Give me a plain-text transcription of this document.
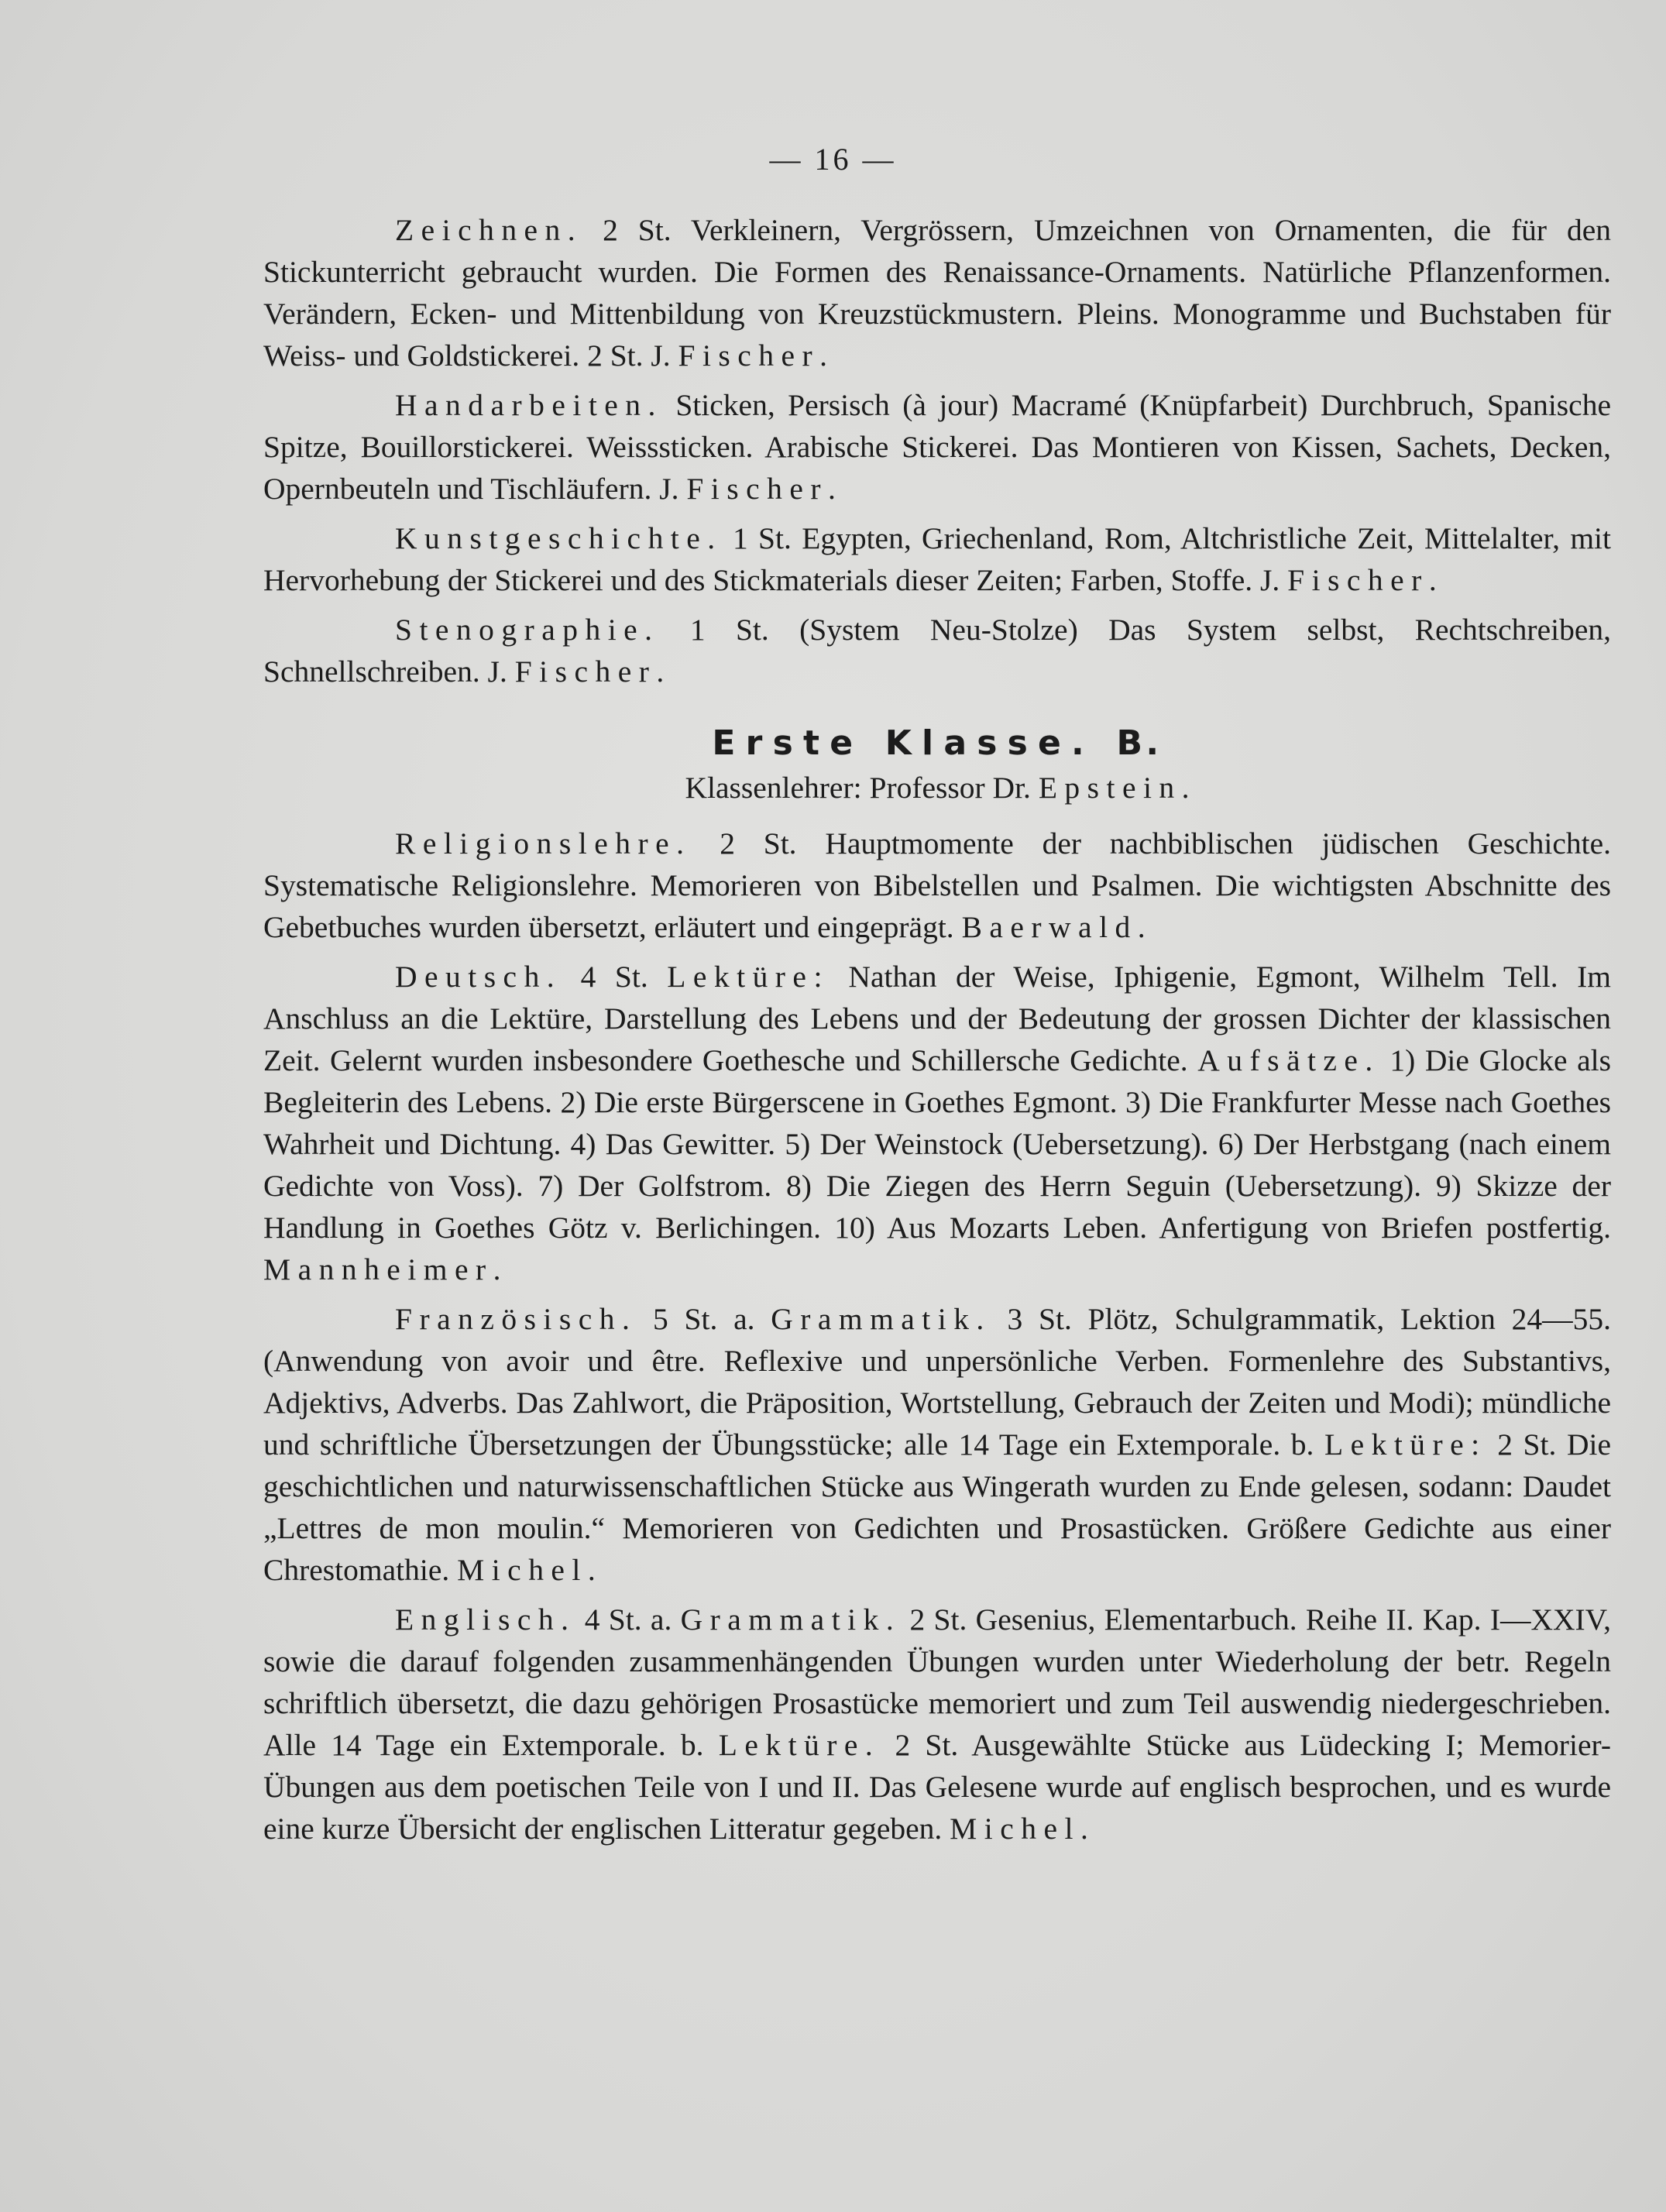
— 16 —

Zeichnen. 2 St. Verkleinern, Vergrössern, Umzeichnen von Ornamenten, die für den Stickunterricht gebraucht wurden. Die Formen des Renaissance-Ornaments. Natürliche Pflanzenformen. Verändern, Ecken- und Mittenbildung von Kreuzstückmustern. Pleins. Monogramme und Buchstaben für Weiss- und Goldstickerei. 2 St. J. Fischer.

Handarbeiten. Sticken, Persisch (à jour) Macramé (Knüpfarbeit) Durchbruch, Spanische Spitze, Bouillorstickerei. Weisssticken. Arabische Stickerei. Das Montieren von Kissen, Sachets, Decken, Opernbeuteln und Tischläufern. J. Fischer.

Kunstgeschichte. 1 St. Egypten, Griechenland, Rom, Altchristliche Zeit, Mittelalter, mit Hervorhebung der Stickerei und des Stickmaterials dieser Zeiten; Farben, Stoffe. J. Fischer.

Stenographie. 1 St. (System Neu-Stolze) Das System selbst, Rechtschreiben, Schnellschreiben. J. Fischer.

Erste Klasse. B.
Klassenlehrer: Professor Dr. Epstein.

Religionslehre. 2 St. Hauptmomente der nachbiblischen jüdischen Geschichte. Systematische Religionslehre. Memorieren von Bibelstellen und Psalmen. Die wichtigsten Abschnitte des Gebetbuches wurden übersetzt, erläutert und eingeprägt. Baerwald.

Deutsch. 4 St. Lektüre: Nathan der Weise, Iphigenie, Egmont, Wilhelm Tell. Im Anschluss an die Lektüre, Darstellung des Lebens und der Bedeutung der grossen Dichter der klassischen Zeit. Gelernt wurden insbesondere Goethesche und Schillersche Gedichte. Aufsätze. 1) Die Glocke als Begleiterin des Lebens. 2) Die erste Bürgerscene in Goethes Egmont. 3) Die Frankfurter Messe nach Goethes Wahrheit und Dichtung. 4) Das Gewitter. 5) Der Weinstock (Uebersetzung). 6) Der Herbstgang (nach einem Gedichte von Voss). 7) Der Golfstrom. 8) Die Ziegen des Herrn Seguin (Uebersetzung). 9) Skizze der Handlung in Goethes Götz v. Berlichingen. 10) Aus Mozarts Leben. Anfertigung von Briefen postfertig. Mannheimer.

Französisch. 5 St. a. Grammatik. 3 St. Plötz, Schulgrammatik, Lektion 24—55. (Anwendung von avoir und être. Reflexive und unpersönliche Verben. Formenlehre des Substantivs, Adjektivs, Adverbs. Das Zahlwort, die Präposition, Wortstellung, Gebrauch der Zeiten und Modi); mündliche und schriftliche Übersetzungen der Übungsstücke; alle 14 Tage ein Extemporale. b. Lektüre: 2 St. Die geschichtlichen und naturwissenschaftlichen Stücke aus Wingerath wurden zu Ende gelesen, sodann: Daudet „Lettres de mon moulin.“ Memorieren von Gedichten und Prosastücken. Größere Gedichte aus einer Chrestomathie. Michel.

Englisch. 4 St. a. Grammatik. 2 St. Gesenius, Elementarbuch. Reihe II. Kap. I—XXIV, sowie die darauf folgenden zusammenhängenden Übungen wurden unter Wiederholung der betr. Regeln schriftlich übersetzt, die dazu gehörigen Prosastücke memoriert und zum Teil auswendig niedergeschrieben. Alle 14 Tage ein Extemporale. b. Lektüre. 2 St. Ausgewählte Stücke aus Lüdecking I; Memorier-Übungen aus dem poetischen Teile von I und II. Das Gelesene wurde auf englisch besprochen, und es wurde eine kurze Übersicht der englischen Litteratur gegeben. Michel.
